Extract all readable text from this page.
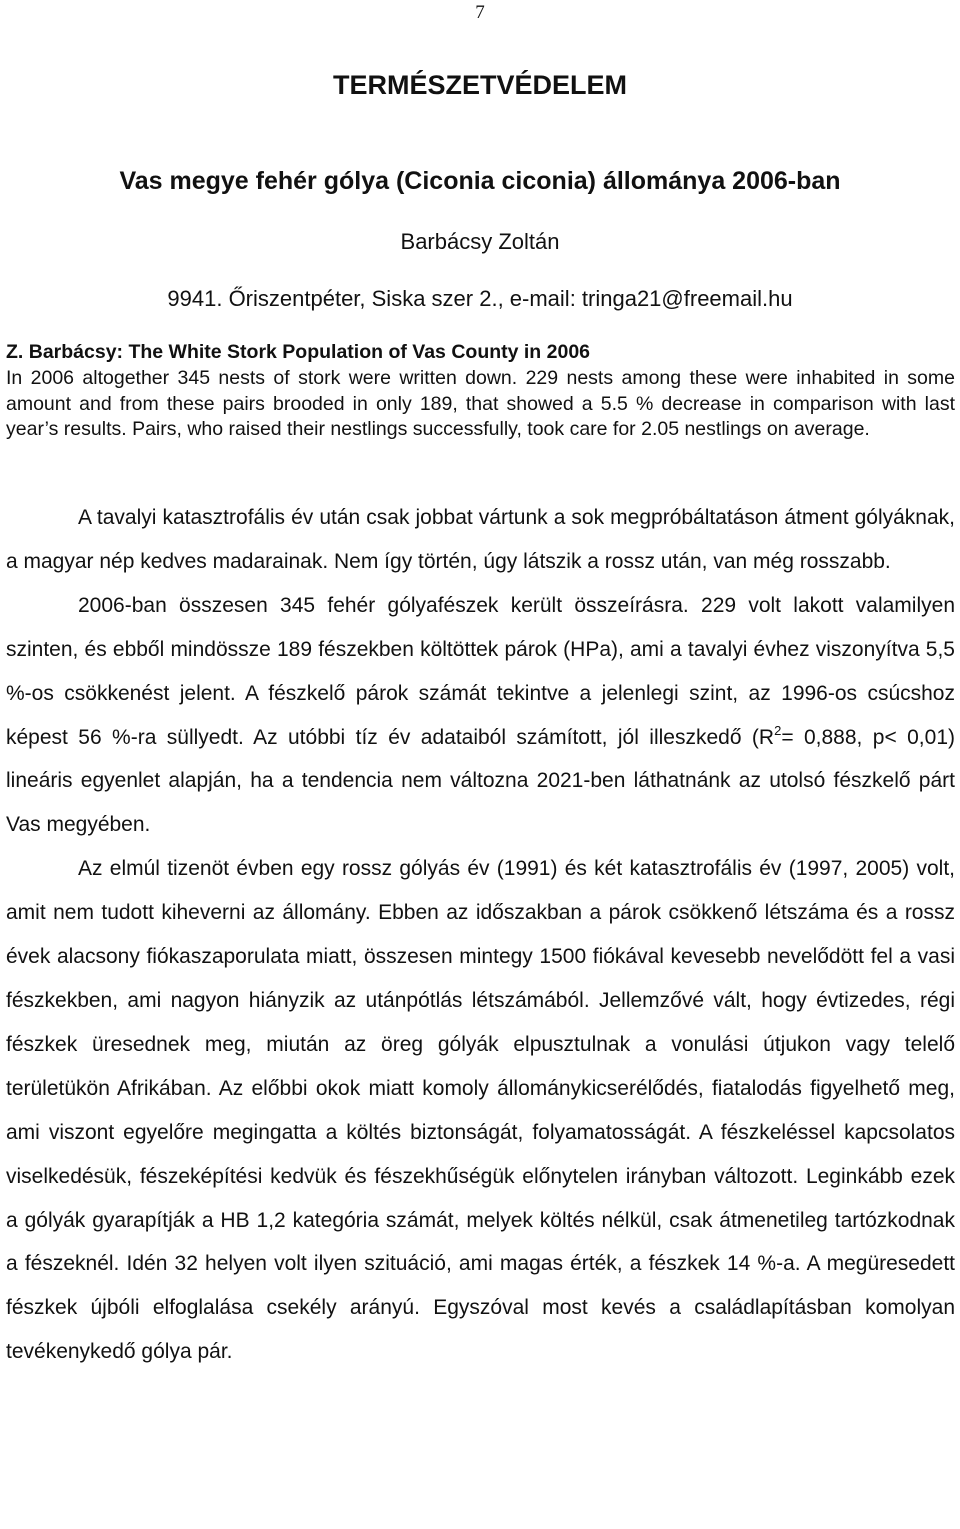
7
TERMÉSZETVÉDELEM
Vas megye fehér gólya (Ciconia ciconia) állománya 2006-ban
Barbácsy Zoltán
9941. Őriszentpéter, Siska szer 2., e-mail: tringa21@freemail.hu
Z. Barbácsy: The White Stork Population of Vas County in 2006
In 2006 altogether 345 nests of stork were written down. 229 nests among these were inhabited in some amount and from these pairs brooded in only 189, that showed a 5.5 % decrease in comparison with last year’s results. Pairs, who raised their nestlings successfully, took care for 2.05 nestlings on average.

A tavalyi katasztrofális év után csak jobbat vártunk a sok megpróbáltatáson átment gólyáknak, a magyar nép kedves madarainak. Nem így történ, úgy látszik a rossz után, van még rosszabb.

2006-ban összesen 345 fehér gólyafészek került összeírásra. 229 volt lakott valamilyen szinten, és ebből mindössze 189 fészekben költöttek párok (HPa), ami a tavalyi évhez viszonyítva 5,5 %-os csökkenést jelent. A fészkelő párok számát tekintve a jelenlegi szint, az 1996-os csúcshoz képest 56 %-ra süllyedt. Az utóbbi tíz év adataiból számított, jól illeszkedő ($R^2= 0,888$, p< 0,01) lineáris egyenlet alapján, ha a tendencia nem változna 2021-ben láthatnánk az utolsó fészkelő párt Vas megyében.

Az elmúl tizenöt évben egy rossz gólyás év (1991) és két katasztrofális év (1997, 2005) volt, amit nem tudott kiheverni az állomány. Ebben az időszakban a párok csökkenő létszáma és a rossz évek alacsony fiókaszaporulata miatt, összesen mintegy 1500 fiókával kevesebb nevelődött fel a vasi fészkekben, ami nagyon hiányzik az utánpótlás létszámából. Jellemzővé vált, hogy évtizedes, régi fészkek üresednek meg, miután az öreg gólyák elpusztulnak a vonulási útjukon vagy telelő területükön Afrikában. Az előbbi okok miatt komoly állománykicserélődés, fiatalodás figyelhető meg, ami viszont egyelőre megingatta a költés biztonságát, folyamatosságát. A fészkeléssel kapcsolatos viselkedésük, fészeképítési kedvük és fészekhűségük előnytelen irányban változott. Leginkább ezek a gólyák gyarapítják a HB 1,2 kategória számát, melyek költés nélkül, csak átmenetileg tartózkodnak a fészeknél. Idén 32 helyen volt ilyen szituáció, ami magas érték, a fészkek 14 %-a. A megüresedett fészkek újbóli elfoglalása csekély arányú. Egyszóval most kevés a családlapításban komolyan tevékenykedő gólya pár.
